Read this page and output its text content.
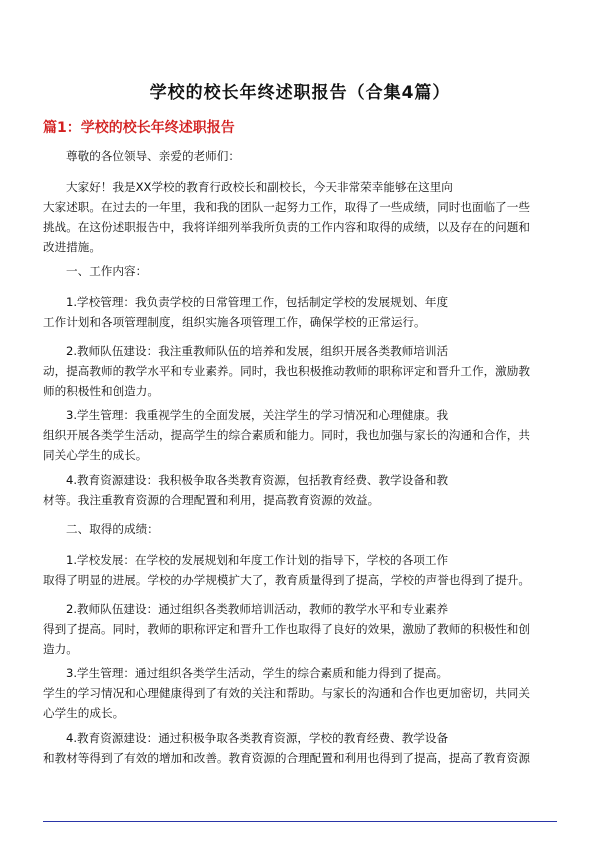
学校的校长年终述职报告（合集4篇）
篇1：学校的校长年终述职报告
尊敬的各位领导、亲爱的老师们：
大家好！我是XX学校的教育行政校长和副校长，今天非常荣幸能够在这里向
大家述职。在过去的一年里，我和我的团队一起努力工作，取得了一些成绩，同时也面临了一些
挑战。在这份述职报告中，我将详细列举我所负责的工作内容和取得的成绩，以及存在的问题和
改进措施。
一、工作内容：
1.学校管理：我负责学校的日常管理工作，包括制定学校的发展规划、年度
工作计划和各项管理制度，组织实施各项管理工作，确保学校的正常运行。
2.教师队伍建设：我注重教师队伍的培养和发展，组织开展各类教师培训活
动，提高教师的教学水平和专业素养。同时，我也积极推动教师的职称评定和晋升工作，激励教
师的积极性和创造力。
3.学生管理：我重视学生的全面发展，关注学生的学习情况和心理健康。我
组织开展各类学生活动，提高学生的综合素质和能力。同时，我也加强与家长的沟通和合作，共
同关心学生的成长。
4.教育资源建设：我积极争取各类教育资源，包括教育经费、教学设备和教
材等。我注重教育资源的合理配置和利用，提高教育资源的效益。
二、取得的成绩：
1.学校发展：在学校的发展规划和年度工作计划的指导下，学校的各项工作
取得了明显的进展。学校的办学规模扩大了，教育质量得到了提高，学校的声誉也得到了提升。
2.教师队伍建设：通过组织各类教师培训活动，教师的教学水平和专业素养
得到了提高。同时，教师的职称评定和晋升工作也取得了良好的效果，激励了教师的积极性和创
造力。
3.学生管理：通过组织各类学生活动，学生的综合素质和能力得到了提高。
学生的学习情况和心理健康得到了有效的关注和帮助。与家长的沟通和合作也更加密切，共同关
心学生的成长。
4.教育资源建设：通过积极争取各类教育资源，学校的教育经费、教学设备
和教材等得到了有效的增加和改善。教育资源的合理配置和利用也得到了提高，提高了教育资源
